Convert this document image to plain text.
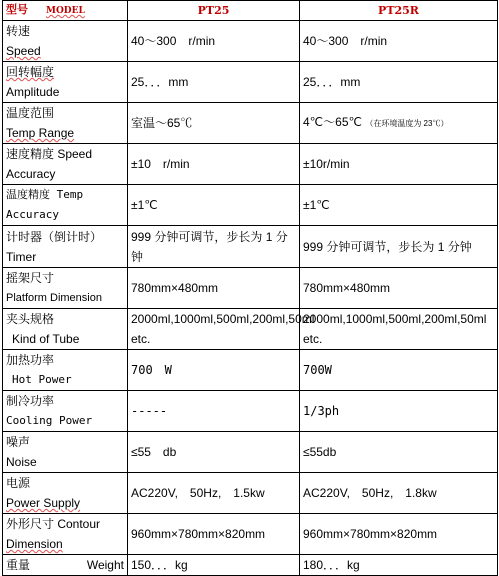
型号 MODEL	PT25	PT25R

转速
Speed	40～300　r/min	40～300　r/min

回转幅度
Amplitude	25．．．mm	25．．．mm

温度范围
Temp Range	室温～65℃	4℃～65℃ （在环境温度为 23℃）

速度精度 Speed
Accuracy	±10　r/min	±10r/min

温度精度 Temp
Accuracy	±1℃	±1℃

计时器（倒计时）
Timer	999 分钟可调节，步长为 1 分钟	999 分钟可调节，步长为 1 分钟

摇架尺寸
Platform Dimension	780mm×480mm	780mm×480mm

夹头规格
Kind of Tube	2000ml,1000ml,500ml,200ml,50ml etc.	2000ml,1000ml,500ml,200ml,50ml etc.

加热功率
Hot Power	700　W	700W

制冷功率
Cooling Power	-----	1/3ph

噪声
Noise	≤55　db	≤55db

电源
Power Supply	AC220V,　50Hz,　1.5kw	AC220V,　50Hz,　1.8kw

外形尺寸 Contour
Dimension	960mm×780mm×820mm	960mm×780mm×820mm
重量 Weight	150．．．kg	180．．．kg
